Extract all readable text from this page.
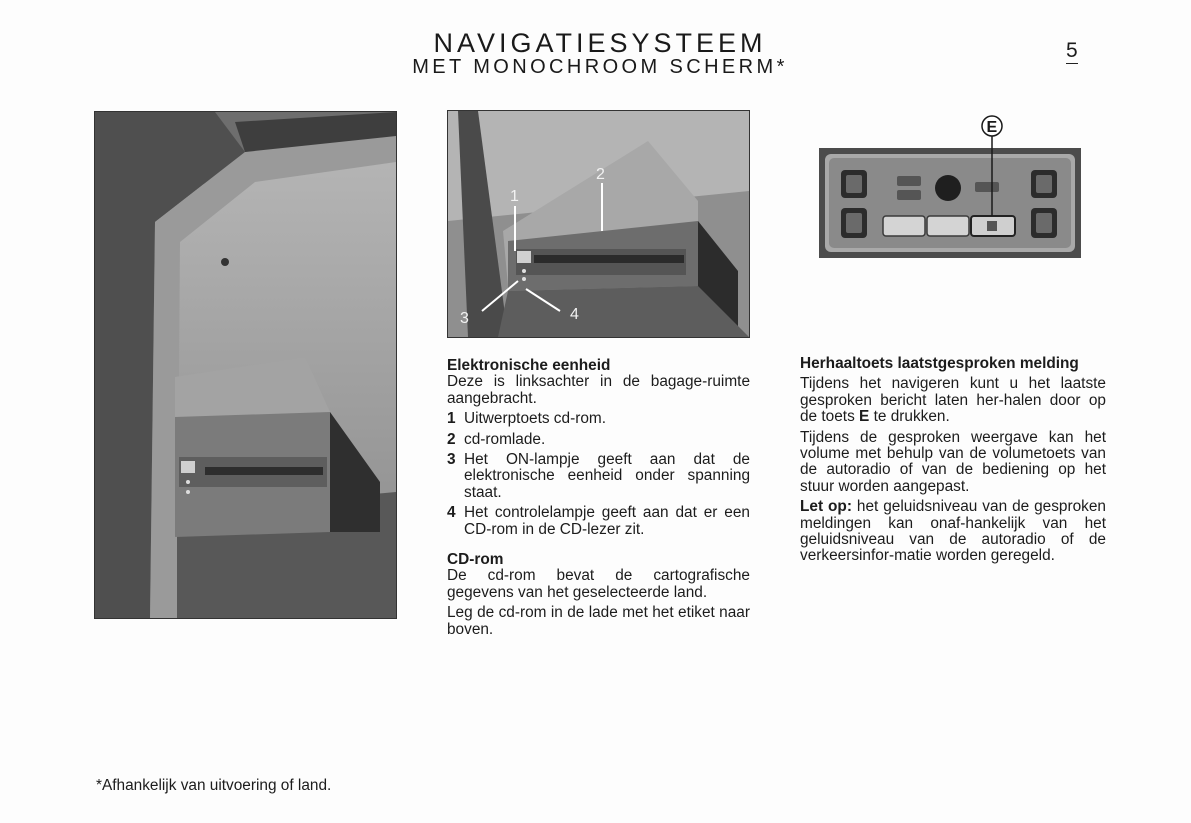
NAVIGATIESYSTEEM
MET MONOCHROOM SCHERM*
5
1
2
3	4
E

Elektronische eenheid

Deze is linksachter in de bagage-ruimte aangebracht.

1 Uitwerptoets cd-rom.
2 cd-romlade.
3 Het ON-lampje geeft aan dat de elektronische eenheid onder spanning staat.
4 Het controlelampje geeft aan dat er een CD-rom in de CD-lezer zit.

CD-rom

De cd-rom bevat de cartografische gegevens van het geselecteerde land.

Leg de cd-rom in de lade met het etiket naar boven.

Herhaaltoets laatstgesproken melding

Tijdens het navigeren kunt u het laatste gesproken bericht laten her-halen door op de toets E te drukken.

Tijdens de gesproken weergave kan het volume met behulp van de volumetoets van de autoradio of van de bediening op het stuur worden aangepast.

Let op: het geluidsniveau van de gesproken meldingen kan onaf-hankelijk van het geluidsniveau van de autoradio of de verkeersinfor-matie worden geregeld.

*Afhankelijk van uitvoering of land.
